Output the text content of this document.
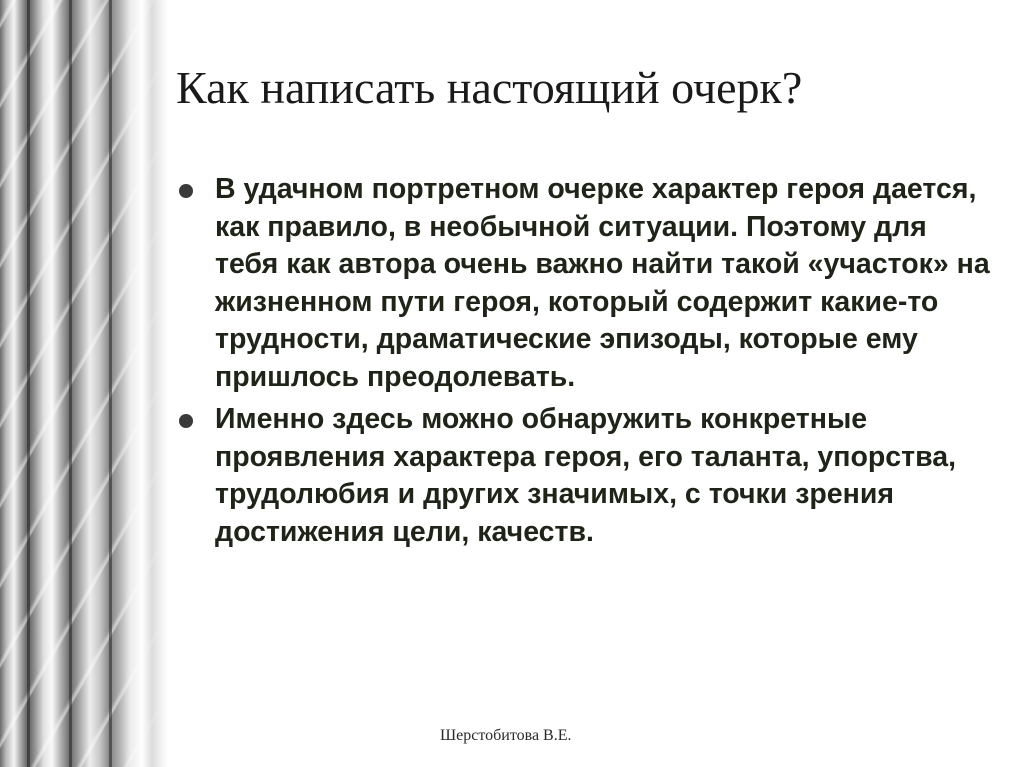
Как написать настоящий очерк?
В удачном портретном очерке характер героя дается, как правило, в необычной ситуации. Поэтому для тебя как автора очень важно найти такой «участок» на жизненном пути героя, который содержит какие-то трудности, драматические эпизоды, которые ему пришлось преодолевать.
Именно здесь можно обнаружить конкретные проявления характера героя, его таланта, упорства, трудолюбия и других значимых, с точки зрения достижения цели, качеств.
Шерстобитова В.Е.
